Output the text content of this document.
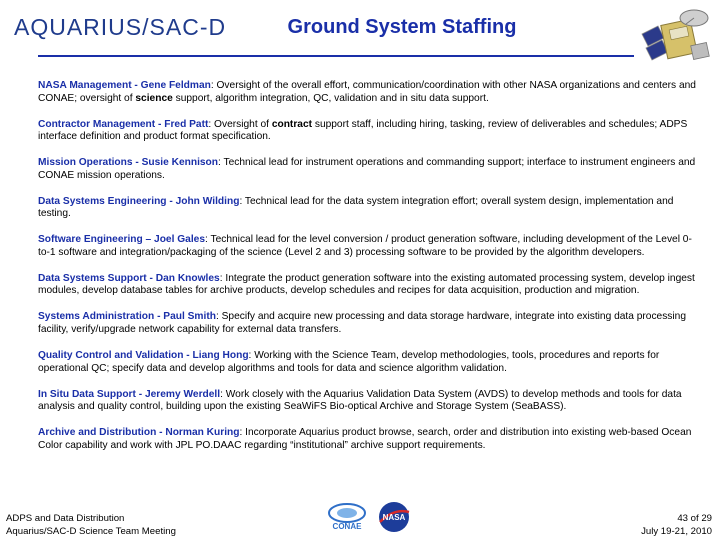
AQUARIUS/SAC-D	Ground System Staffing
NASA Management - Gene Feldman: Oversight of the overall effort, communication/coordination with other NASA organizations and centers and CONAE; oversight of science support, algorithm integration, QC, validation and in situ data support.
Contractor Management - Fred Patt: Oversight of contract support staff, including hiring, tasking, review of deliverables and schedules; ADPS interface definition and product format specification.
Mission Operations - Susie Kennison: Technical lead for instrument operations and commanding support; interface to instrument engineers and CONAE mission operations.
Data Systems Engineering - John Wilding: Technical lead for the data system integration effort; overall system design, implementation and testing.
Software Engineering – Joel Gales: Technical lead for the level conversion / product generation software, including development of the Level 0-to-1 software and integration/packaging of the science (Level 2 and 3) processing software to be provided by the algorithm developers.
Data Systems Support - Dan Knowles: Integrate the product generation software into the existing automated processing system, develop ingest modules, develop database tables for archive products, develop schedules and recipes for data acquisition, production and migration.
Systems Administration - Paul Smith: Specify and acquire new processing and data storage hardware, integrate into existing data processing facility, verify/upgrade network capability for external data transfers.
Quality Control and Validation - Liang Hong: Working with the Science Team, develop methodologies, tools, procedures and reports for operational QC; specify data and develop algorithms and tools for data and science algorithm validation.
In Situ Data Support - Jeremy Werdell: Work closely with the Aquarius Validation Data System (AVDS) to develop methods and tools for data analysis and quality control, building upon the existing SeaWiFS Bio-optical Archive and Storage System (SeaBASS).
Archive and Distribution - Norman Kuring: Incorporate Aquarius product browse, search, order and distribution into existing web-based Ocean Color capability and work with JPL PO.DAAC regarding “institutional” archive support requirements.
ADPS and Data Distribution
Aquarius/SAC-D Science Team Meeting	CONAE
NASA	43 of 29
July 19-21, 2010
